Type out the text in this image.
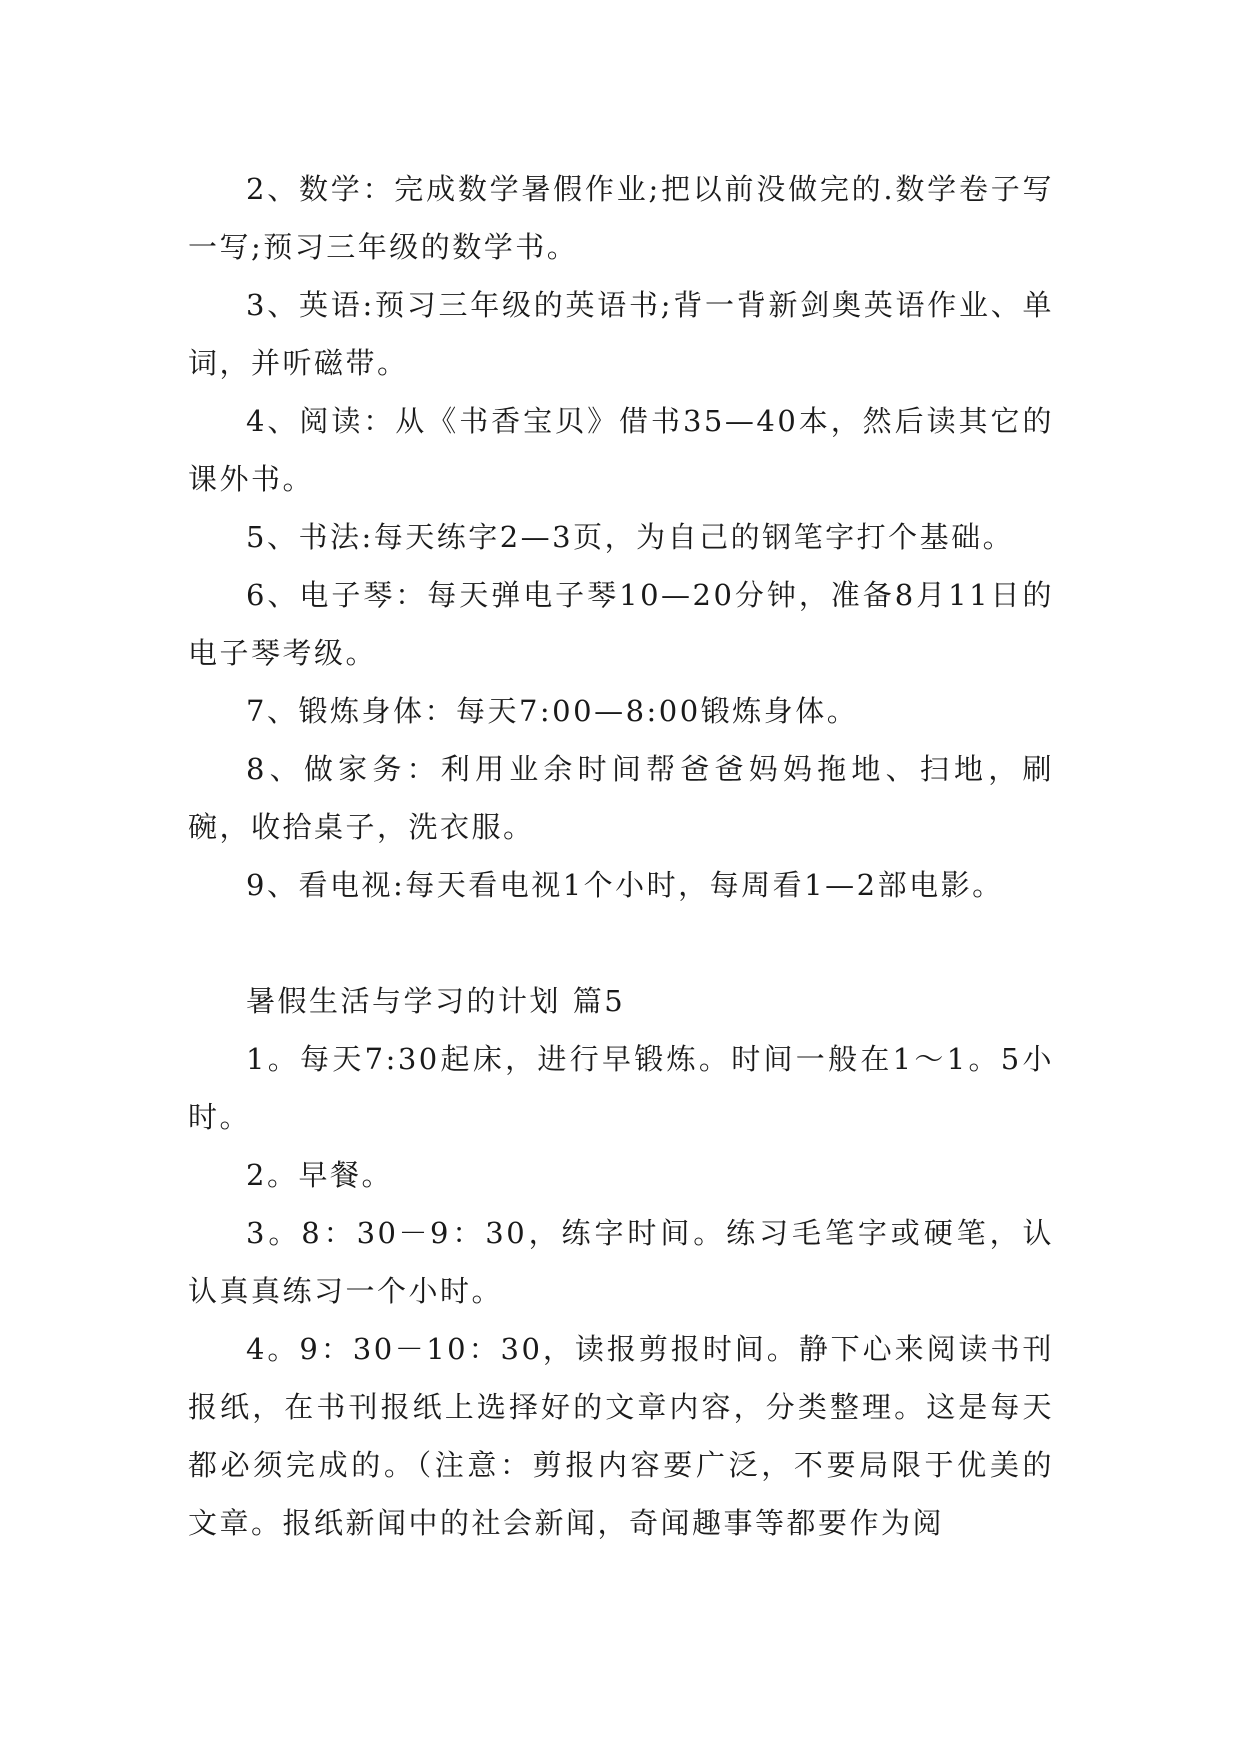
2、数学：完成数学暑假作业;把以前没做完的.数学卷子写一写;预习三年级的数学书。

3、英语:预习三年级的英语书;背一背新剑奥英语作业、单词，并听磁带。

4、阅读：从《书香宝贝》借书35—40本，然后读其它的课外书。

5、书法:每天练字2—3页，为自己的钢笔字打个基础。

6、电子琴：每天弹电子琴10—20分钟，准备8月11日的电子琴考级。

7、锻炼身体：每天7:00—8:00锻炼身体。

8、做家务：利用业余时间帮爸爸妈妈拖地、扫地，刷碗，收拾桌子，洗衣服。

9、看电视:每天看电视1个小时，每周看1—2部电影。

暑假生活与学习的计划 篇5

1。每天7:30起床，进行早锻炼。时间一般在1～1。5小时。

2。早餐。

3。8：30－9：30，练字时间。练习毛笔字或硬笔，认认真真练习一个小时。

4。9：30－10：30，读报剪报时间。静下心来阅读书刊报纸，在书刊报纸上选择好的文章内容，分类整理。这是每天都必须完成的。（注意：剪报内容要广泛，不要局限于优美的文章。报纸新闻中的社会新闻，奇闻趣事等都要作为阅
